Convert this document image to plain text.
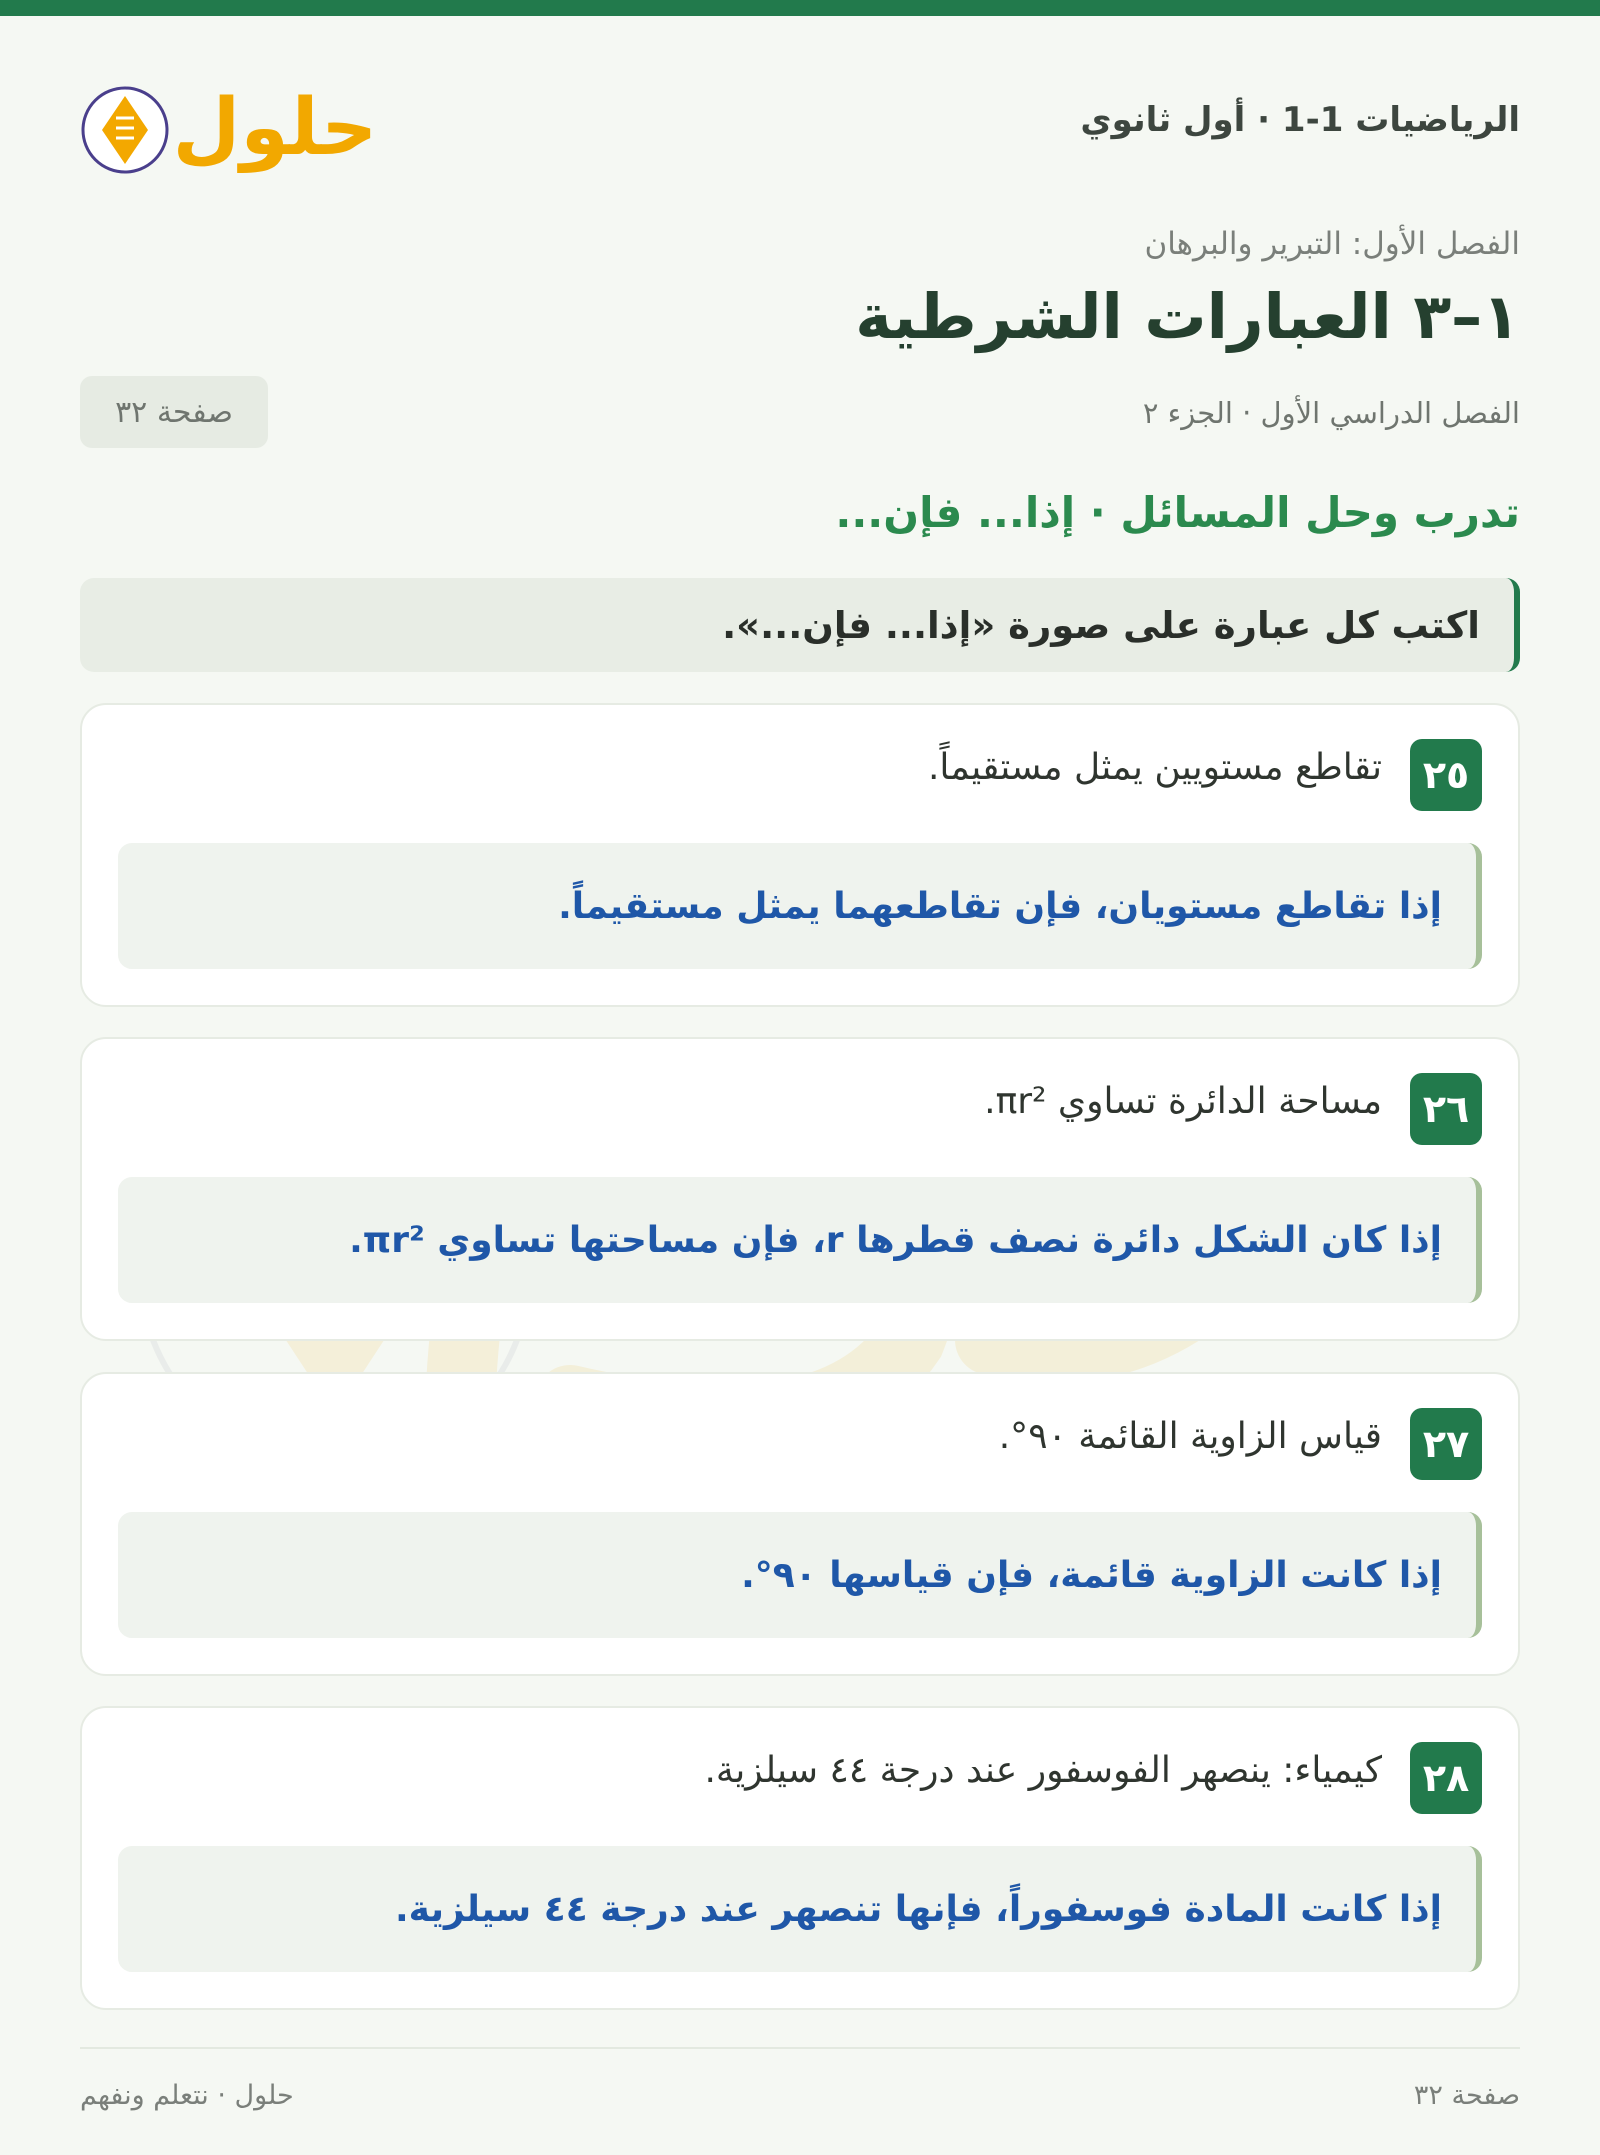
الرياضيات 1-1 · أول ثانوي
حلول
الفصل الأول: التبرير والبرهان
١–٣ العبارات الشرطية
الفصل الدراسي الأول · الجزء ٢
صفحة ٣٢
تدرب وحل المسائل · إذا... فإن...
اكتب كل عبارة على صورة «إذا... فإن...».
٢٥
تقاطع مستويين يمثل مستقيماً.
إذا تقاطع مستويان، فإن تقاطعهما يمثل مستقيماً.
٢٦
مساحة الدائرة تساوي πr².
إذا كان الشكل دائرة نصف قطرها r، فإن مساحتها تساوي πr².
٢٧
قياس الزاوية القائمة ٩٠°.
إذا كانت الزاوية قائمة، فإن قياسها ٩٠°.
٢٨
كيمياء: ينصهر الفوسفور عند درجة ٤٤ سيلزية.
إذا كانت المادة فوسفوراً، فإنها تنصهر عند درجة ٤٤ سيلزية.
صفحة ٣٢
حلول · نتعلم ونفهم
